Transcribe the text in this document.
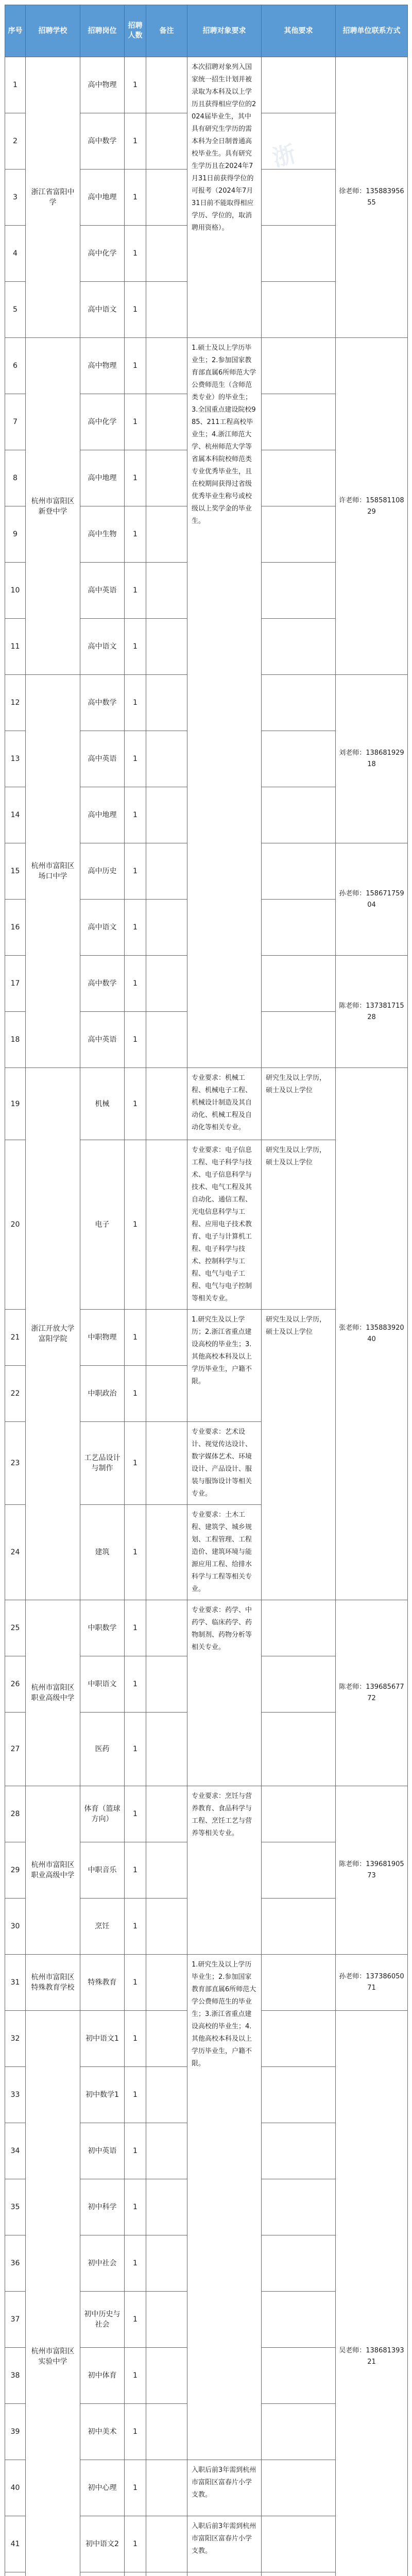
浙
序号	招聘学校	招聘岗位	招聘人数	备注	招聘对象要求	其他要求	招聘单位联系方式
1	浙江省富阳中学	高中物理	1		本次招聘对象列入国家统一招生计划并被录取为本科及以上学历且获得相应学位的2024届毕业生，其中具有研究生学历的需本科为全日制普通高校毕业生。具有研究生学历且在2024年7月31日前获得学位的可报考（2024年7月31日前不能取得相应学历、学位的，取消聘用资格）。		徐老师：13588395655
2		高中数学	1				
3		高中地理	1				
4		高中化学	1				
5		高中语文	1				
6	杭州市富阳区新登中学	高中物理	1		1.硕士及以上学历毕业生；2.参加国家教育部直属6所师范大学公费师范生（含师范类专业）的毕业生；3.全国重点建设院校985、211工程高校毕业生；4.浙江师范大学、杭州师范大学等省属本科院校师范类专业优秀毕业生，且在校期间获得过省级优秀毕业生称号或校级以上奖学金的毕业生。		许老师：15858110829
7		高中化学	1				
8		高中地理	1				
9		高中生物	1				
10		高中英语	1				
11		高中语文	1				
12	杭州市富阳区场口中学	高中数学	1				刘老师：13868192918
13		高中英语	1				
14		高中地理	1				
15		高中历史	1				孙老师：15867175904
16		高中语文	1				
17		高中数学	1				陈老师：13738171528
18		高中英语	1				
19	浙江开放大学富阳学院	机械	1		专业要求：机械工程、机械电子工程、机械设计制造及其自动化、机械工程及自动化等相关专业。	研究生及以上学历，硕士及以上学位	张老师：13588392040
20		电子	1		专业要求：电子信息工程、电子科学与技术、电子信息科学与技术、电气工程及其自动化、通信工程、光电信息科学与工程、应用电子技术教育、电子与计算机工程、电子科学与技术、控制科学与工程、电气与电子工程、电气与电子控制等相关专业。	研究生及以上学历，硕士及以上学位	
21		中职物理	1		1.研究生及以上学历；2.浙江省重点建设高校的毕业生；3.其他高校本科及以上学历毕业生，户籍不限。	研究生及以上学历，硕士及以上学位	
22		中职政治	1				
23		工艺品设计与制作	1		专业要求：艺术设计、视觉传达设计、数字媒体艺术、环境设计、产品设计、服装与服饰设计等相关专业。		
24		建筑	1		专业要求：土木工程、建筑学、城乡规划、工程管理、工程造价、建筑环境与能源应用工程、给排水科学与工程等相关专业。		
25	杭州市富阳区职业高级中学	中职数学	1		专业要求：药学、中药学、临床药学、药物制剂、药物分析等相关专业。		陈老师：13968567772
26		中职语文	1				
27		医药	1				
28	杭州市富阳区职业高级中学	体育（篮球方向）	1		专业要求：烹饪与营养教育、食品科学与工程、烹饪工艺与营养等相关专业。		陈老师：13968190573
29		中职音乐	1				
30		烹饪	1				
31	杭州市富阳区特殊教育学校	特殊教育	1		1.研究生及以上学历毕业生；2.参加国家教育部直属6所师范大学公费师范生的毕业生；3.浙江省重点建设高校的毕业生；4.其他高校本科及以上学历毕业生，户籍不限。		孙老师：13738605071
32	杭州市富阳区实验中学	初中语文1	1				吴老师：13868139321
33		初中数学1	1				
34		初中英语	1				
35		初中科学	1				
36		初中社会	1				
37		初中历史与社会	1				
38		初中体育	1				
39		初中美术	1				
40		初中心理	1		入职后前3年需到杭州市富阳区富春片小学支教。		
41		初中语文2	1		入职后前3年需到杭州市富阳区富春片小学支教。		
